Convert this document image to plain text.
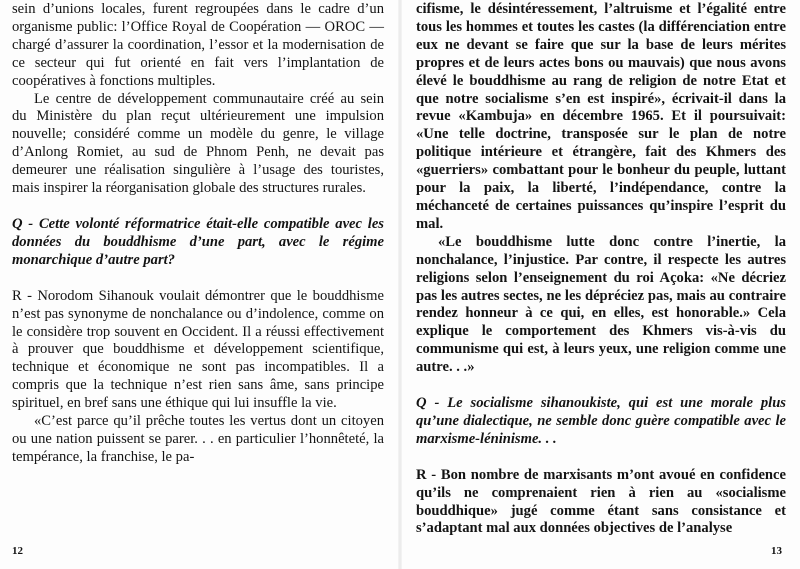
sein d’unions locales, furent regroupées dans le cadre d’un organisme public: l’Office Royal de Coopération — OROC — chargé d’assurer la coordination, l’essor et la modernisation de ce secteur qui fut orienté en fait vers l’implantation de coopératives à fonctions multiples.

Le centre de développement communautaire créé au sein du Ministère du plan reçut ultérieurement une impulsion nouvelle; considéré comme un modèle du genre, le village d’Anlong Romiet, au sud de Phnom Penh, ne devait pas demeurer une réalisation singulière à l’usage des touristes, mais inspirer la réorganisation globale des structures rurales.

Q - Cette volonté réformatrice était-elle compatible avec les données du bouddhisme d’une part, avec le régime monarchique d’autre part?

R - Norodom Sihanouk voulait démontrer que le bouddhisme n’est pas synonyme de nonchalance ou d’indolence, comme on le considère trop souvent en Occident. Il a réussi effectivement à prouver que bouddhisme et développement scientifique, technique et économique ne sont pas incompatibles. Il a compris que la technique n’est rien sans âme, sans principe spirituel, en bref sans une éthique qui lui insuffle la vie.

«C’est parce qu’il prêche toutes les vertus dont un citoyen ou une nation puissent se parer. . . en particulier l’honnêteté, la tempérance, la franchise, le pa-

12

cifisme, le désintéressement, l’altruisme et l’égalité entre tous les hommes et toutes les castes (la différenciation entre eux ne devant se faire que sur la base de leurs mérites propres et de leurs actes bons ou mauvais) que nous avons élevé le bouddhisme au rang de religion de notre Etat et que notre socialisme s’en est inspiré», écrivait-il dans la revue «Kambuja» en décembre 1965. Et il poursuivait: «Une telle doctrine, transposée sur le plan de notre politique intérieure et étrangère, fait des Khmers des «guerriers» combattant pour le bonheur du peuple, luttant pour la paix, la liberté, l’indépendance, contre la méchanceté de certaines puissances qu’inspire l’esprit du mal.

«Le bouddhisme lutte donc contre l’inertie, la nonchalance, l’injustice. Par contre, il respecte les autres religions selon l’enseignement du roi Açoka: «Ne décriez pas les autres sectes, ne les dépréciez pas, mais au contraire rendez honneur à ce qui, en elles, est honorable.» Cela explique le comportement des Khmers vis-à-vis du communisme qui est, à leurs yeux, une religion comme une autre. . .»

Q - Le socialisme sihanoukiste, qui est une morale plus qu’une dialectique, ne semble donc guère compatible avec le marxisme-léninisme. . .

R - Bon nombre de marxisants m’ont avoué en confidence qu’ils ne comprenaient rien à rien au «socialisme bouddhique» jugé comme étant sans consistance et s’adaptant mal aux données objectives de l’analyse

13
